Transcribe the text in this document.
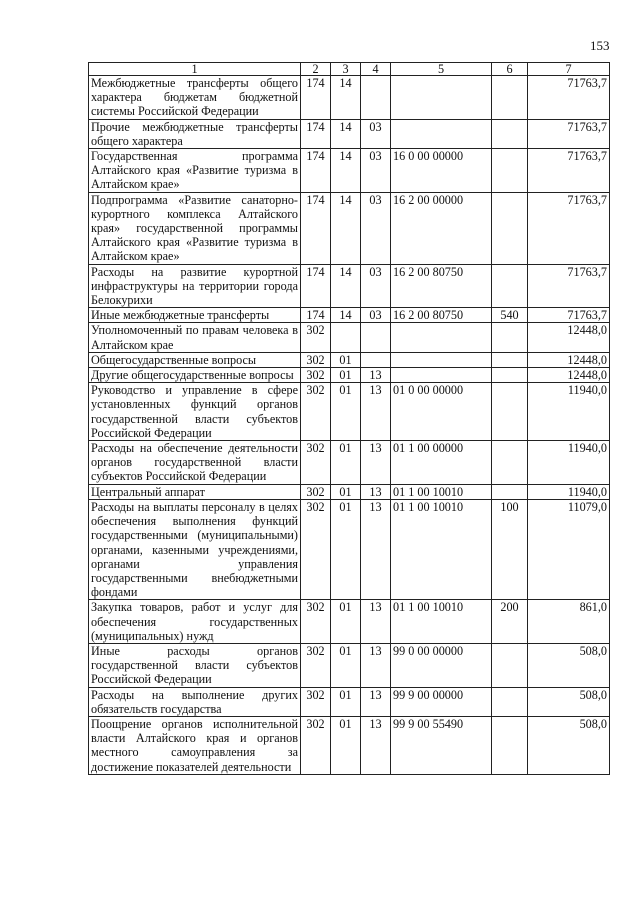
153
1	2	3	4	5	6	7
Межбюджетные трансферты общего характера бюджетам бюджетной системы Российской Федерации	174	14				71763,7
Прочие межбюджетные трансферты общего характера	174	14	03			71763,7
Государственная программа Алтайского края «Развитие туризма в Алтайском крае»	174	14	03	16 0 00 00000		71763,7
Подпрограмма «Развитие санаторно-курортного комплекса Алтайского края» государственной программы Алтайского края «Развитие туризма в Алтайском крае»	174	14	03	16 2 00 00000		71763,7
Расходы на развитие курортной инфраструктуры на территории города Белокурихи	174	14	03	16 2 00 80750		71763,7
Иные межбюджетные трансферты	174	14	03	16 2 00 80750	540	71763,7
Уполномоченный по правам человека в Алтайском крае	302					12448,0
Общегосударственные вопросы	302	01				12448,0
Другие общегосударственные вопросы	302	01	13			12448,0
Руководство и управление в сфере установленных функций органов государственной власти субъектов Российской Федерации	302	01	13	01 0 00 00000		11940,0
Расходы на обеспечение деятельности органов государственной власти субъектов Российской Федерации	302	01	13	01 1 00 00000		11940,0
Центральный аппарат	302	01	13	01 1 00 10010		11940,0
Расходы на выплаты персоналу в целях обеспечения выполнения функций государственными (муниципальными) органами, казенными учреждениями, органами управления государственными внебюджетными фондами	302	01	13	01 1 00 10010	100	11079,0
Закупка товаров, работ и услуг для обеспечения государственных (муниципальных) нужд	302	01	13	01 1 00 10010	200	861,0
Иные расходы органов государственной власти субъектов Российской Федерации	302	01	13	99 0 00 00000		508,0
Расходы на выполнение других обязательств государства	302	01	13	99 9 00 00000		508,0
Поощрение органов исполнительной власти Алтайского края и органов местного самоуправления за достижение показателей деятельности	302	01	13	99 9 00 55490		508,0
